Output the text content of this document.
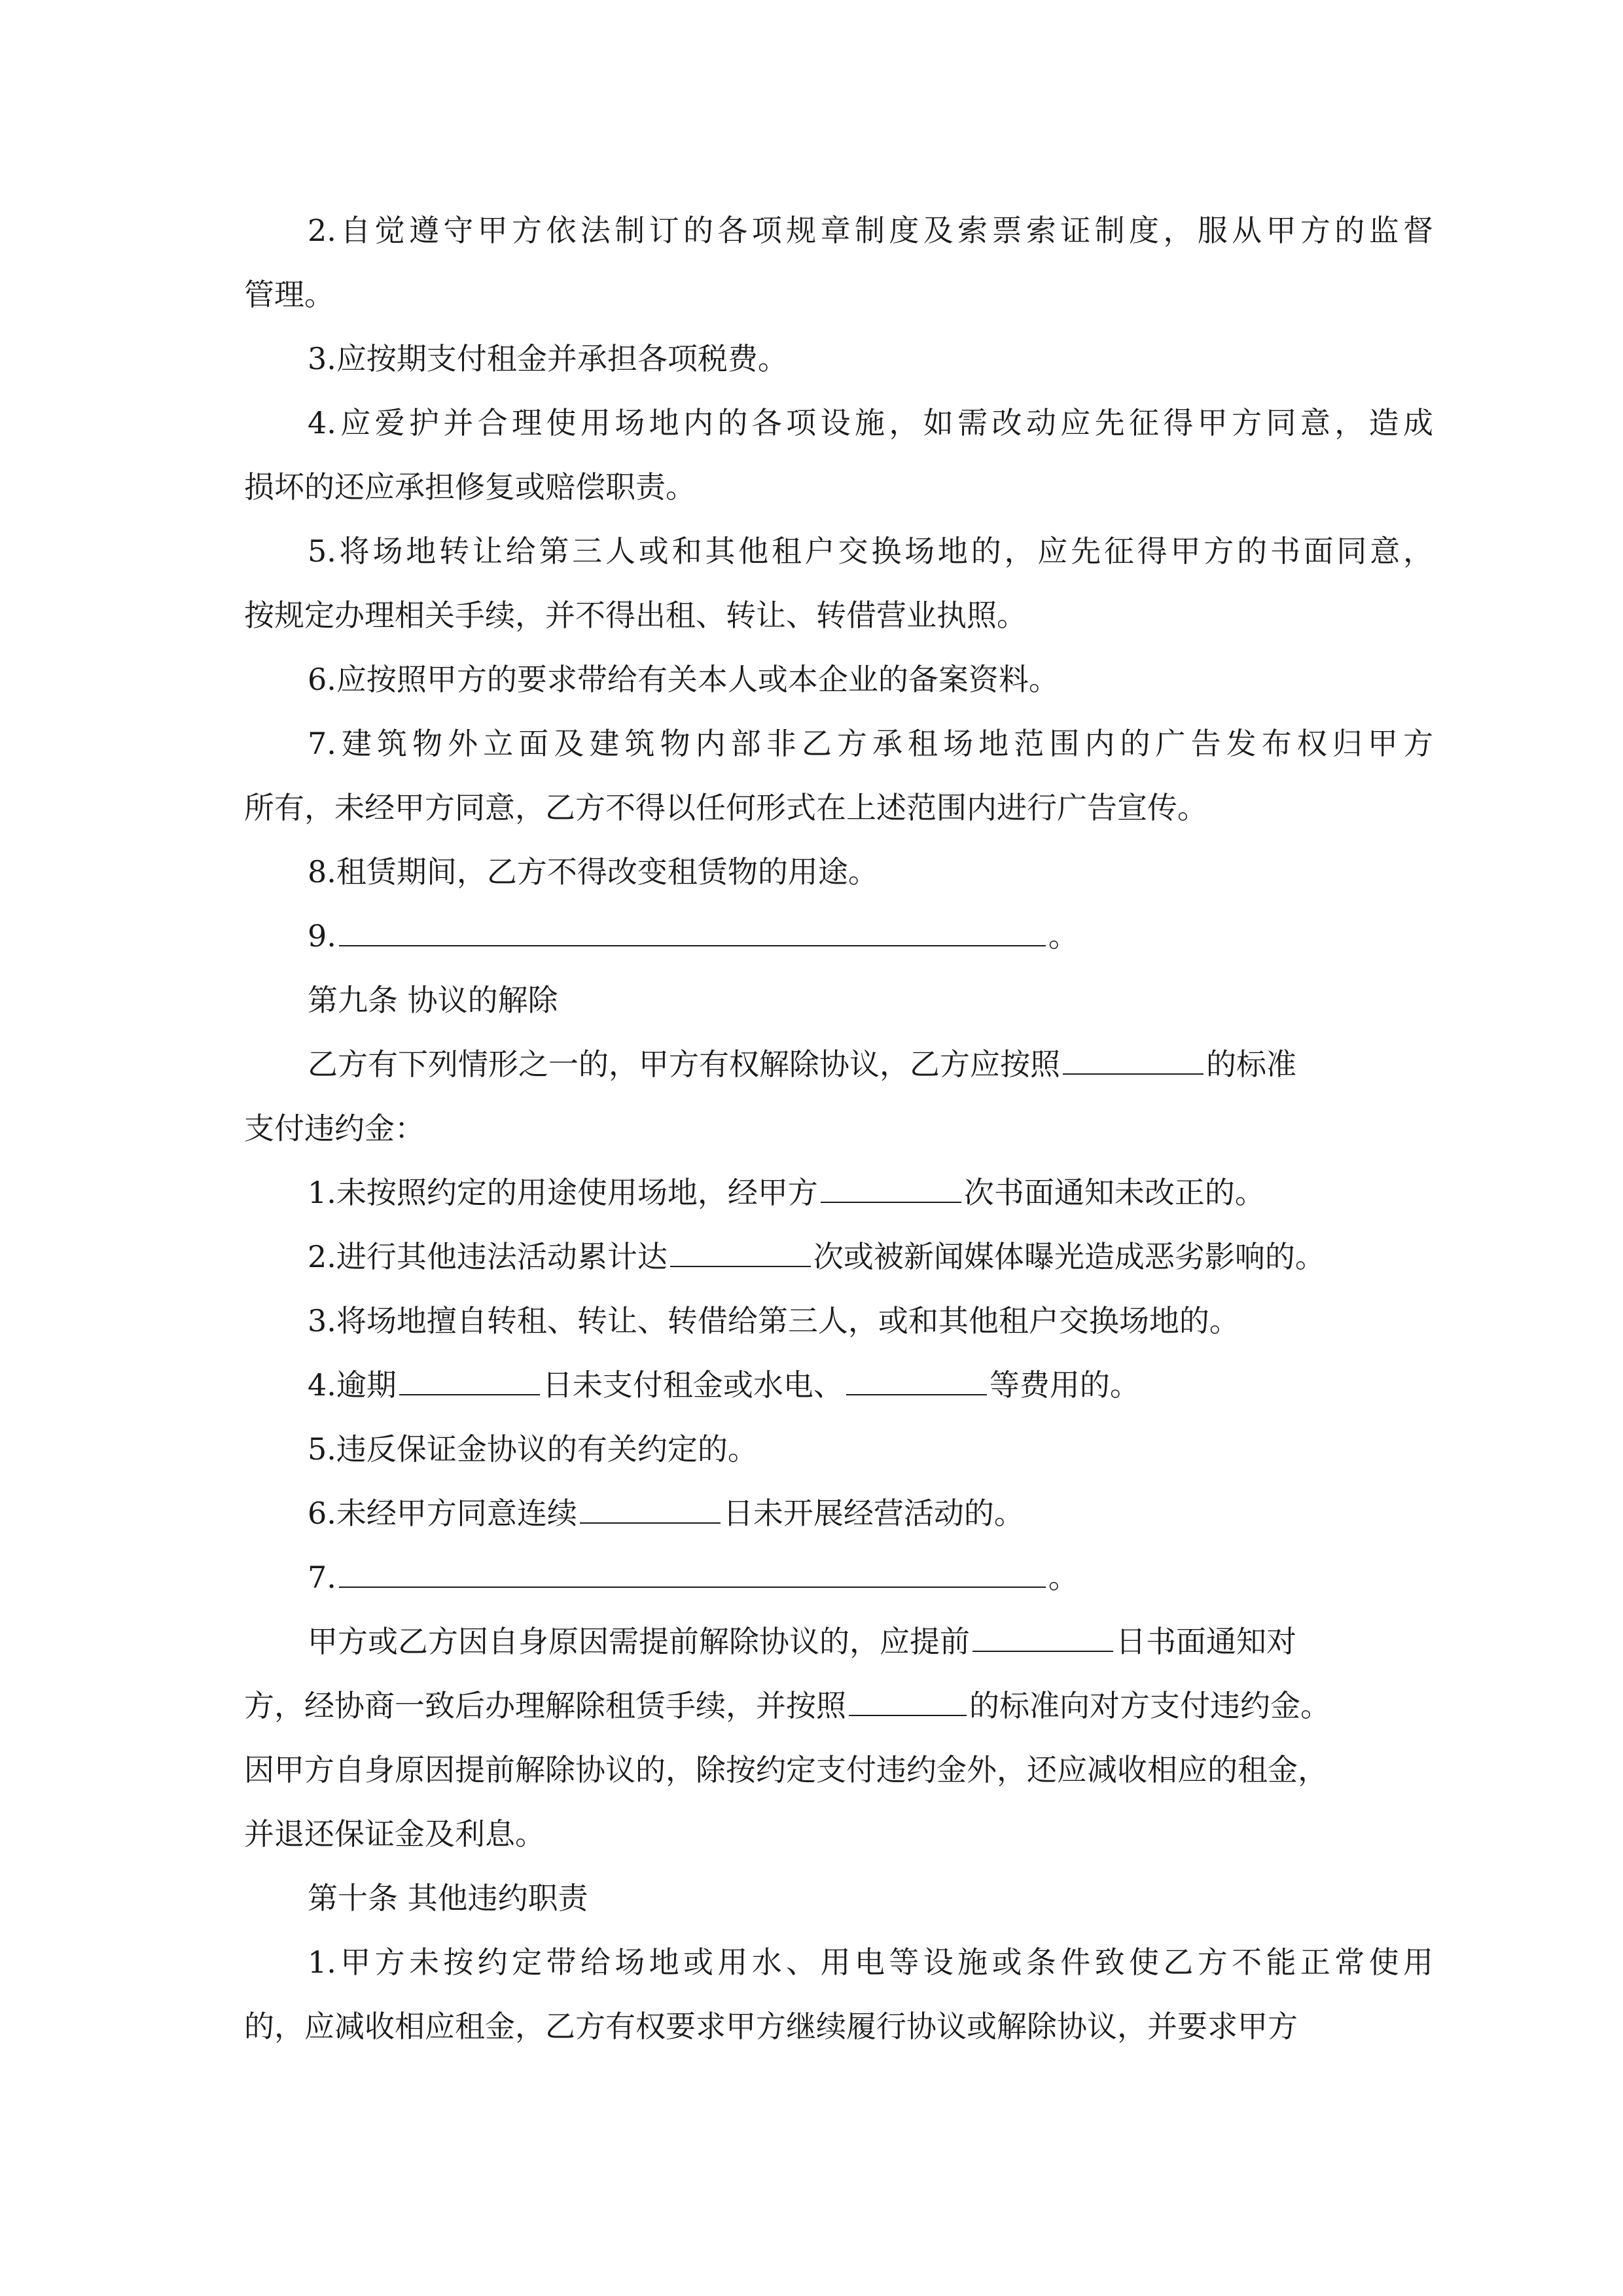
2.自觉遵守甲方依法制订的各项规章制度及索票索证制度，服从甲方的监督
管理。
3.应按期支付租金并承担各项税费。
4.应爱护并合理使用场地内的各项设施，如需改动应先征得甲方同意，造成
损坏的还应承担修复或赔偿职责。
5.将场地转让给第三人或和其他租户交换场地的，应先征得甲方的书面同意，
按规定办理相关手续，并不得出租、转让、转借营业执照。
6.应按照甲方的要求带给有关本人或本企业的备案资料。
7.建筑物外立面及建筑物内部非乙方承租场地范围内的广告发布权归甲方
所有，未经甲方同意，乙方不得以任何形式在上述范围内进行广告宣传。
8.租赁期间，乙方不得改变租赁物的用途。
9.	。
第九条 协议的解除
乙方有下列情形之一的，甲方有权解除协议，乙方应按照	的标准
支付违约金：
1.未按照约定的用途使用场地，经甲方	次书面通知未改正的。
2.进行其他违法活动累计达	次或被新闻媒体曝光造成恶劣影响的。
3.将场地擅自转租、转让、转借给第三人，或和其他租户交换场地的。
4.逾期	日未支付租金或水电、	等费用的。
5.违反保证金协议的有关约定的。
6.未经甲方同意连续	日未开展经营活动的。
7.	。
甲方或乙方因自身原因需提前解除协议的，应提前	日书面通知对
方，经协商一致后办理解除租赁手续，并按照	的标准向对方支付违约金。
因甲方自身原因提前解除协议的，除按约定支付违约金外，还应减收相应的租金，
并退还保证金及利息。
第十条 其他违约职责
1.甲方未按约定带给场地或用水、用电等设施或条件致使乙方不能正常使用
的，应减收相应租金，乙方有权要求甲方继续履行协议或解除协议，并要求甲方
